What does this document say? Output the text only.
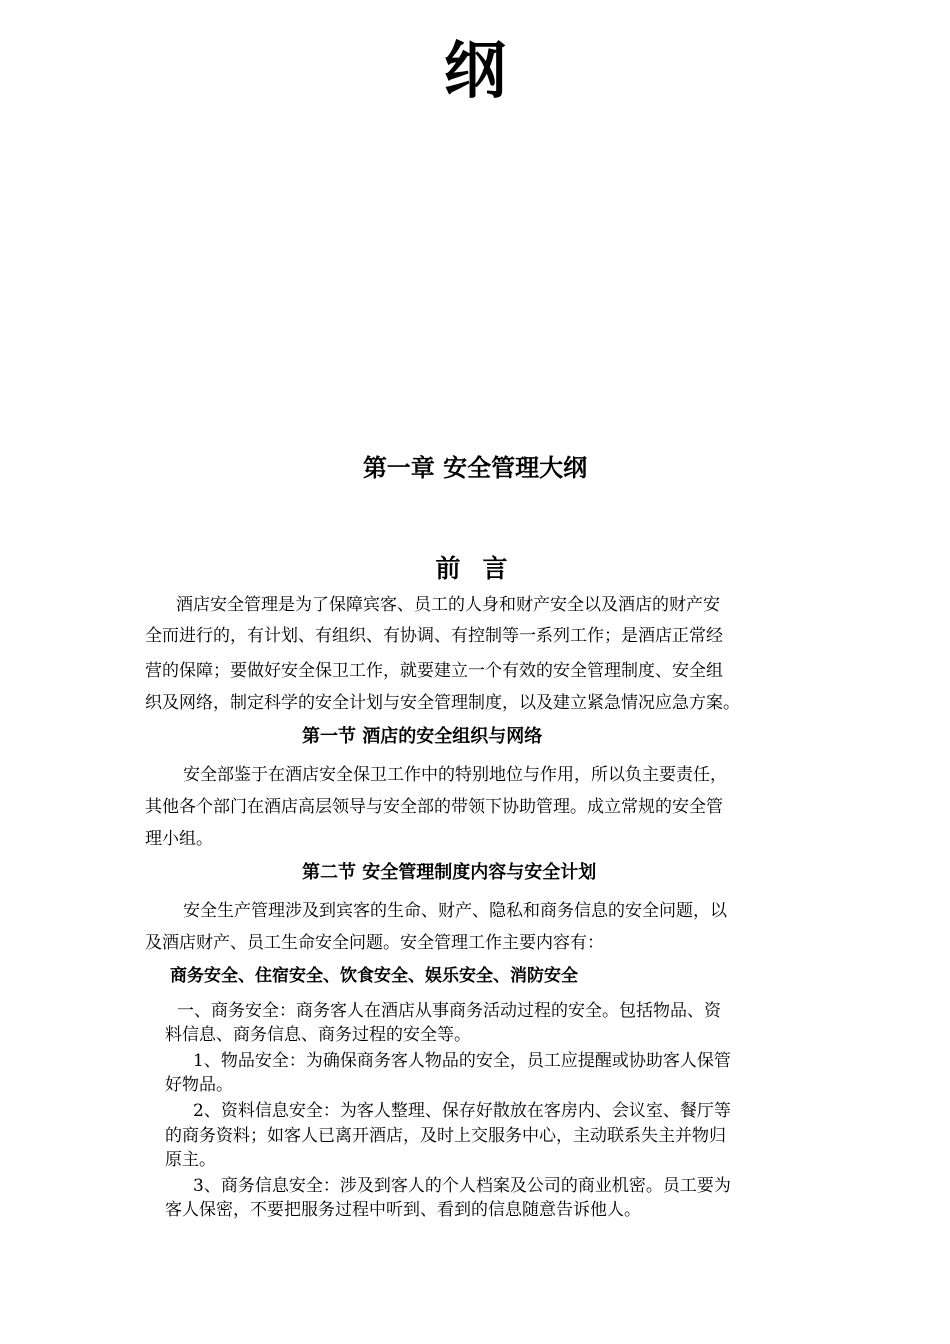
纲
第一章 安全管理大纲
前言
酒店安全管理是为了保障宾客、员工的人身和财产安全以及酒店的财产安
全而进行的，有计划、有组织、有协调、有控制等一系列工作；是酒店正常经
营的保障；要做好安全保卫工作，就要建立一个有效的安全管理制度、安全组
织及网络，制定科学的安全计划与安全管理制度，以及建立紧急情况应急方案。
第一节 酒店的安全组织与网络
安全部鉴于在酒店安全保卫工作中的特别地位与作用，所以负主要责任，
其他各个部门在酒店高层领导与安全部的带领下协助管理。成立常规的安全管
理小组。
第二节 安全管理制度内容与安全计划
安全生产管理涉及到宾客的生命、财产、隐私和商务信息的安全问题，以
及酒店财产、员工生命安全问题。安全管理工作主要内容有：
商务安全、住宿安全、饮食安全、娱乐安全、消防安全
一、商务安全：商务客人在酒店从事商务活动过程的安全。包括物品、资
料信息、商务信息、商务过程的安全等。
1、物品安全：为确保商务客人物品的安全，员工应提醒或协助客人保管
好物品。
2、资料信息安全：为客人整理、保存好散放在客房内、会议室、餐厅等
的商务资料；如客人已离开酒店，及时上交服务中心，主动联系失主并物归
原主。
3、商务信息安全：涉及到客人的个人档案及公司的商业机密。员工要为
客人保密，不要把服务过程中听到、看到的信息随意告诉他人。
